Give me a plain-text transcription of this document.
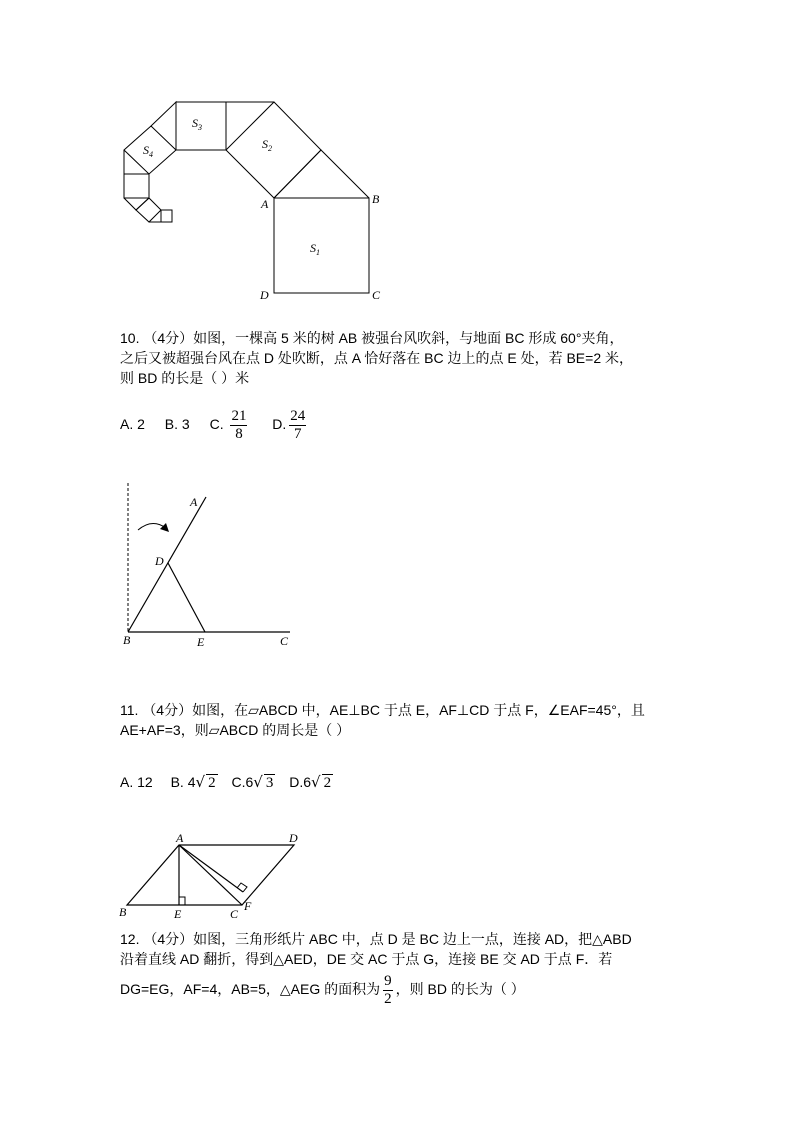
$S_3$
$S_4$
$S_2$
$S_1$
A	B
C
D
10. （4分）如图，一棵高 5 米的树 AB 被强台风吹斜，与地面 BC 形成 60°夹角，
之后又被超强台风在点 D 处吹断，点 A 恰好落在 BC 边上的点 E 处，若 BE=2 米，
则 BD 的长是（ ）米
A. 2 B. 3 C. $\frac{21}{8} D$. $\frac{24}{7}$
A
D
B	E	C
11. （4分）如图，在▱ABCD 中，AE⊥BC 于点 E，AF⊥CD 于点 F，∠EAF=45°，且
AE+AF=3，则▱ABCD 的周长是（ ）
A. 12 B. 4√ 2 C.6√ 3 D.6√ 2
A	D
B	E	C
F
12. （4分）如图，三角形纸片 ABC 中，点 D 是 BC 边上一点，连接 AD，把△ABD
沿着直线 AD 翻折，得到△AED，DE 交 AC 于点 G，连接 BE 交 AD 于点 F．若
DG=EG，AF=4，AB=5，△AEG 的面积为 $\frac{9}{2}$ ，则 BD 的长为（ ）
